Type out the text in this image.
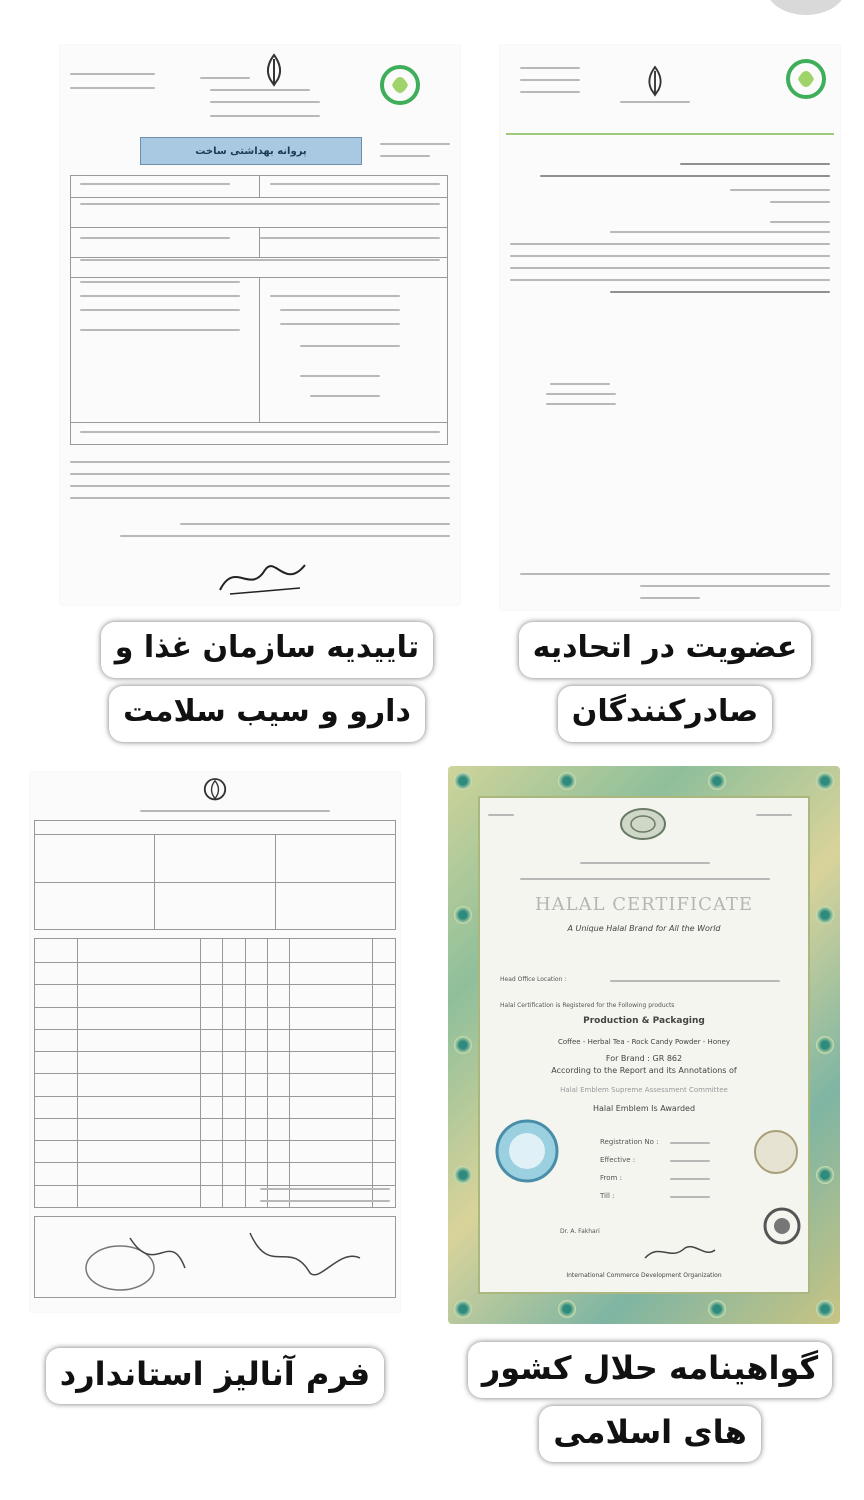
پروانه بهداشتی ساخت

HALAL CERTIFICATE
A Unique Halal Brand for All the World
Head Office Location :
Halal Certification is Registered for the Following products
Production & Packaging
Coffee - Herbal Tea - Rock Candy Powder - Honey
For Brand : GR 862
According to the Report and its Annotations of
Halal Emblem Supreme Assessment Committee
Halal Emblem Is Awarded
Registration No :
Effective :
From :
Till :
Dr. A. Fakhari
International Commerce Development Organization
تاییدیه سازمان غذا و
دارو و سیب سلامت
عضویت در اتحادیه
صادرکنندگان
فرم آنالیز استاندارد	گواهینامه حلال کشور
های اسلامی
